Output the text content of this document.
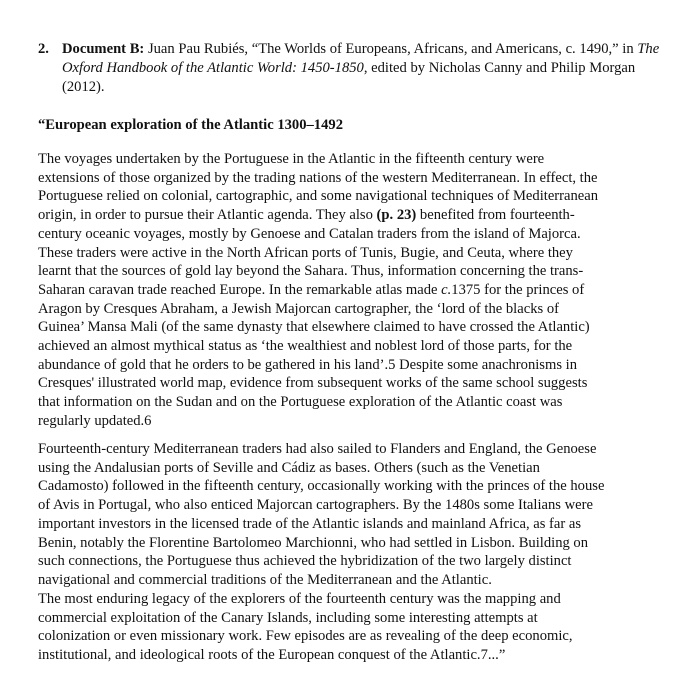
2. Document B: Juan Pau Rubiés, “The Worlds of Europeans, Africans, and Americans, c. 1490,” in The Oxford Handbook of the Atlantic World: 1450-1850, edited by Nicholas Canny and Philip Morgan (2012).
“European exploration of the Atlantic 1300–1492
The voyages undertaken by the Portuguese in the Atlantic in the fifteenth century were
extensions of those organized by the trading nations of the western Mediterranean. In effect, the
Portuguese relied on colonial, cartographic, and some navigational techniques of Mediterranean
origin, in order to pursue their Atlantic agenda. They also (p. 23) benefited from fourteenth-
century oceanic voyages, mostly by Genoese and Catalan traders from the island of Majorca.
These traders were active in the North African ports of Tunis, Bugie, and Ceuta, where they
learnt that the sources of gold lay beyond the Sahara. Thus, information concerning the trans-
Saharan caravan trade reached Europe. In the remarkable atlas made c.1375 for the princes of
Aragon by Cresques Abraham, a Jewish Majorcan cartographer, the ‘lord of the blacks of
Guinea’ Mansa Mali (of the same dynasty that elsewhere claimed to have crossed the Atlantic)
achieved an almost mythical status as ‘the wealthiest and noblest lord of those parts, for the
abundance of gold that he orders to be gathered in his land’.5 Despite some anachronisms in
Cresques' illustrated world map, evidence from subsequent works of the same school suggests
that information on the Sudan and on the Portuguese exploration of the Atlantic coast was
regularly updated.6
Fourteenth-century Mediterranean traders had also sailed to Flanders and England, the Genoese
using the Andalusian ports of Seville and Cádiz as bases. Others (such as the Venetian
Cadamosto) followed in the fifteenth century, occasionally working with the princes of the house
of Avis in Portugal, who also enticed Majorcan cartographers. By the 1480s some Italians were
important investors in the licensed trade of the Atlantic islands and mainland Africa, as far as
Benin, notably the Florentine Bartolomeo Marchionni, who had settled in Lisbon. Building on
such connections, the Portuguese thus achieved the hybridization of the two largely distinct
navigational and commercial traditions of the Mediterranean and the Atlantic.
The most enduring legacy of the explorers of the fourteenth century was the mapping and
commercial exploitation of the Canary Islands, including some interesting attempts at
colonization or even missionary work. Few episodes are as revealing of the deep economic,
institutional, and ideological roots of the European conquest of the Atlantic.7...”
